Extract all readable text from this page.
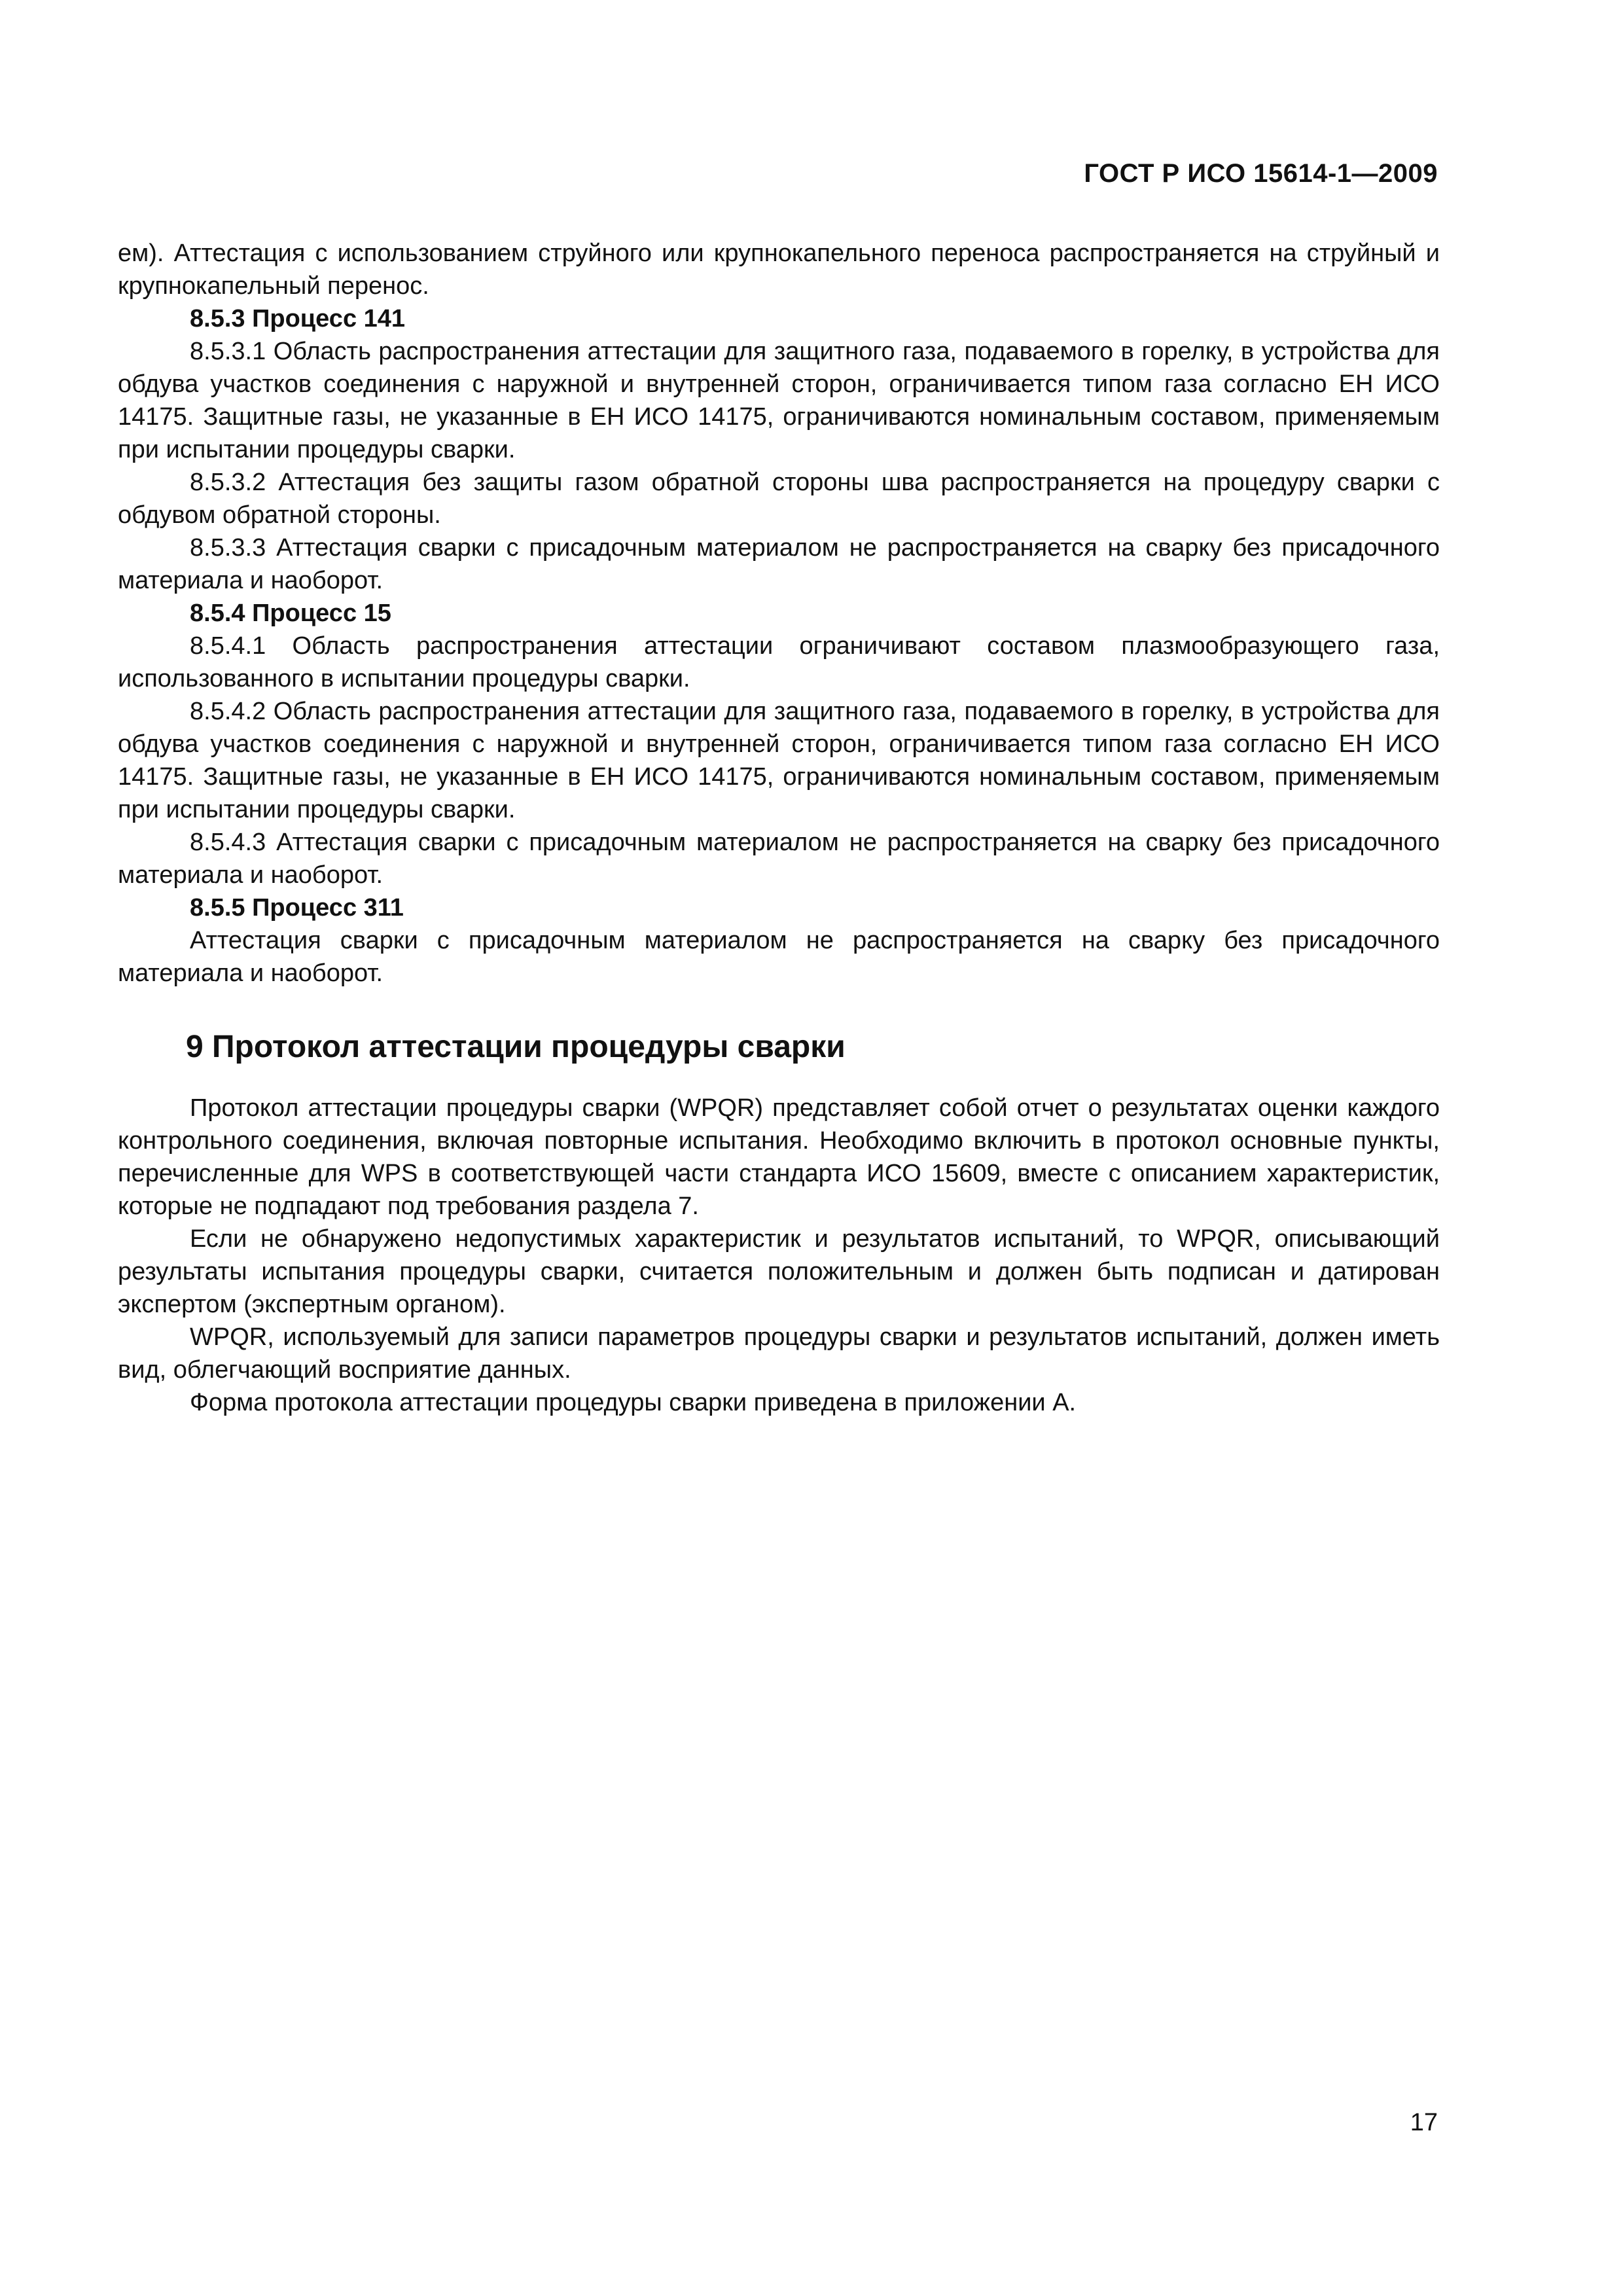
ГОСТ Р ИСО 15614-1—2009

ем). Аттестация с использованием струйного или крупнокапельного переноса распространяется на струйный и крупнокапельный перенос.

8.5.3 Процесс 141

8.5.3.1 Область распространения аттестации для защитного газа, подаваемого в горелку, в устройства для обдува участков соединения с наружной и внутренней сторон, ограничивается типом газа согласно ЕН ИСО 14175. Защитные газы, не указанные в ЕН ИСО 14175, ограничиваются номинальным составом, применяемым при испытании процедуры сварки.

8.5.3.2 Аттестация без защиты газом обратной стороны шва распространяется на процедуру сварки с обдувом обратной стороны.

8.5.3.3 Аттестация сварки с присадочным материалом не распространяется на сварку без присадочного материала и наоборот.

8.5.4 Процесс 15

8.5.4.1 Область распространения аттестации ограничивают составом плазмообразующего газа, использованного в испытании процедуры сварки.

8.5.4.2 Область распространения аттестации для защитного газа, подаваемого в горелку, в устройства для обдува участков соединения с наружной и внутренней сторон, ограничивается типом газа согласно ЕН ИСО 14175. Защитные газы, не указанные в ЕН ИСО 14175, ограничиваются номинальным составом, применяемым при испытании процедуры сварки.

8.5.4.3 Аттестация сварки с присадочным материалом не распространяется на сварку без присадочного материала и наоборот.

8.5.5 Процесс 311

Аттестация сварки с присадочным материалом не распространяется на сварку без присадочного материала и наоборот.

9 Протокол аттестации процедуры сварки

Протокол аттестации процедуры сварки (WPQR) представляет собой отчет о результатах оценки каждого контрольного соединения, включая повторные испытания. Необходимо включить в протокол основные пункты, перечисленные для WPS в соответствующей части стандарта ИСО 15609, вместе с описанием характеристик, которые не подпадают под требования раздела 7.

Если не обнаружено недопустимых характеристик и результатов испытаний, то WPQR, описывающий результаты испытания процедуры сварки, считается положительным и должен быть подписан и датирован экспертом (экспертным органом).

WPQR, используемый для записи параметров процедуры сварки и результатов испытаний, должен иметь вид, облегчающий восприятие данных.

Форма протокола аттестации процедуры сварки приведена в приложении А.

17
